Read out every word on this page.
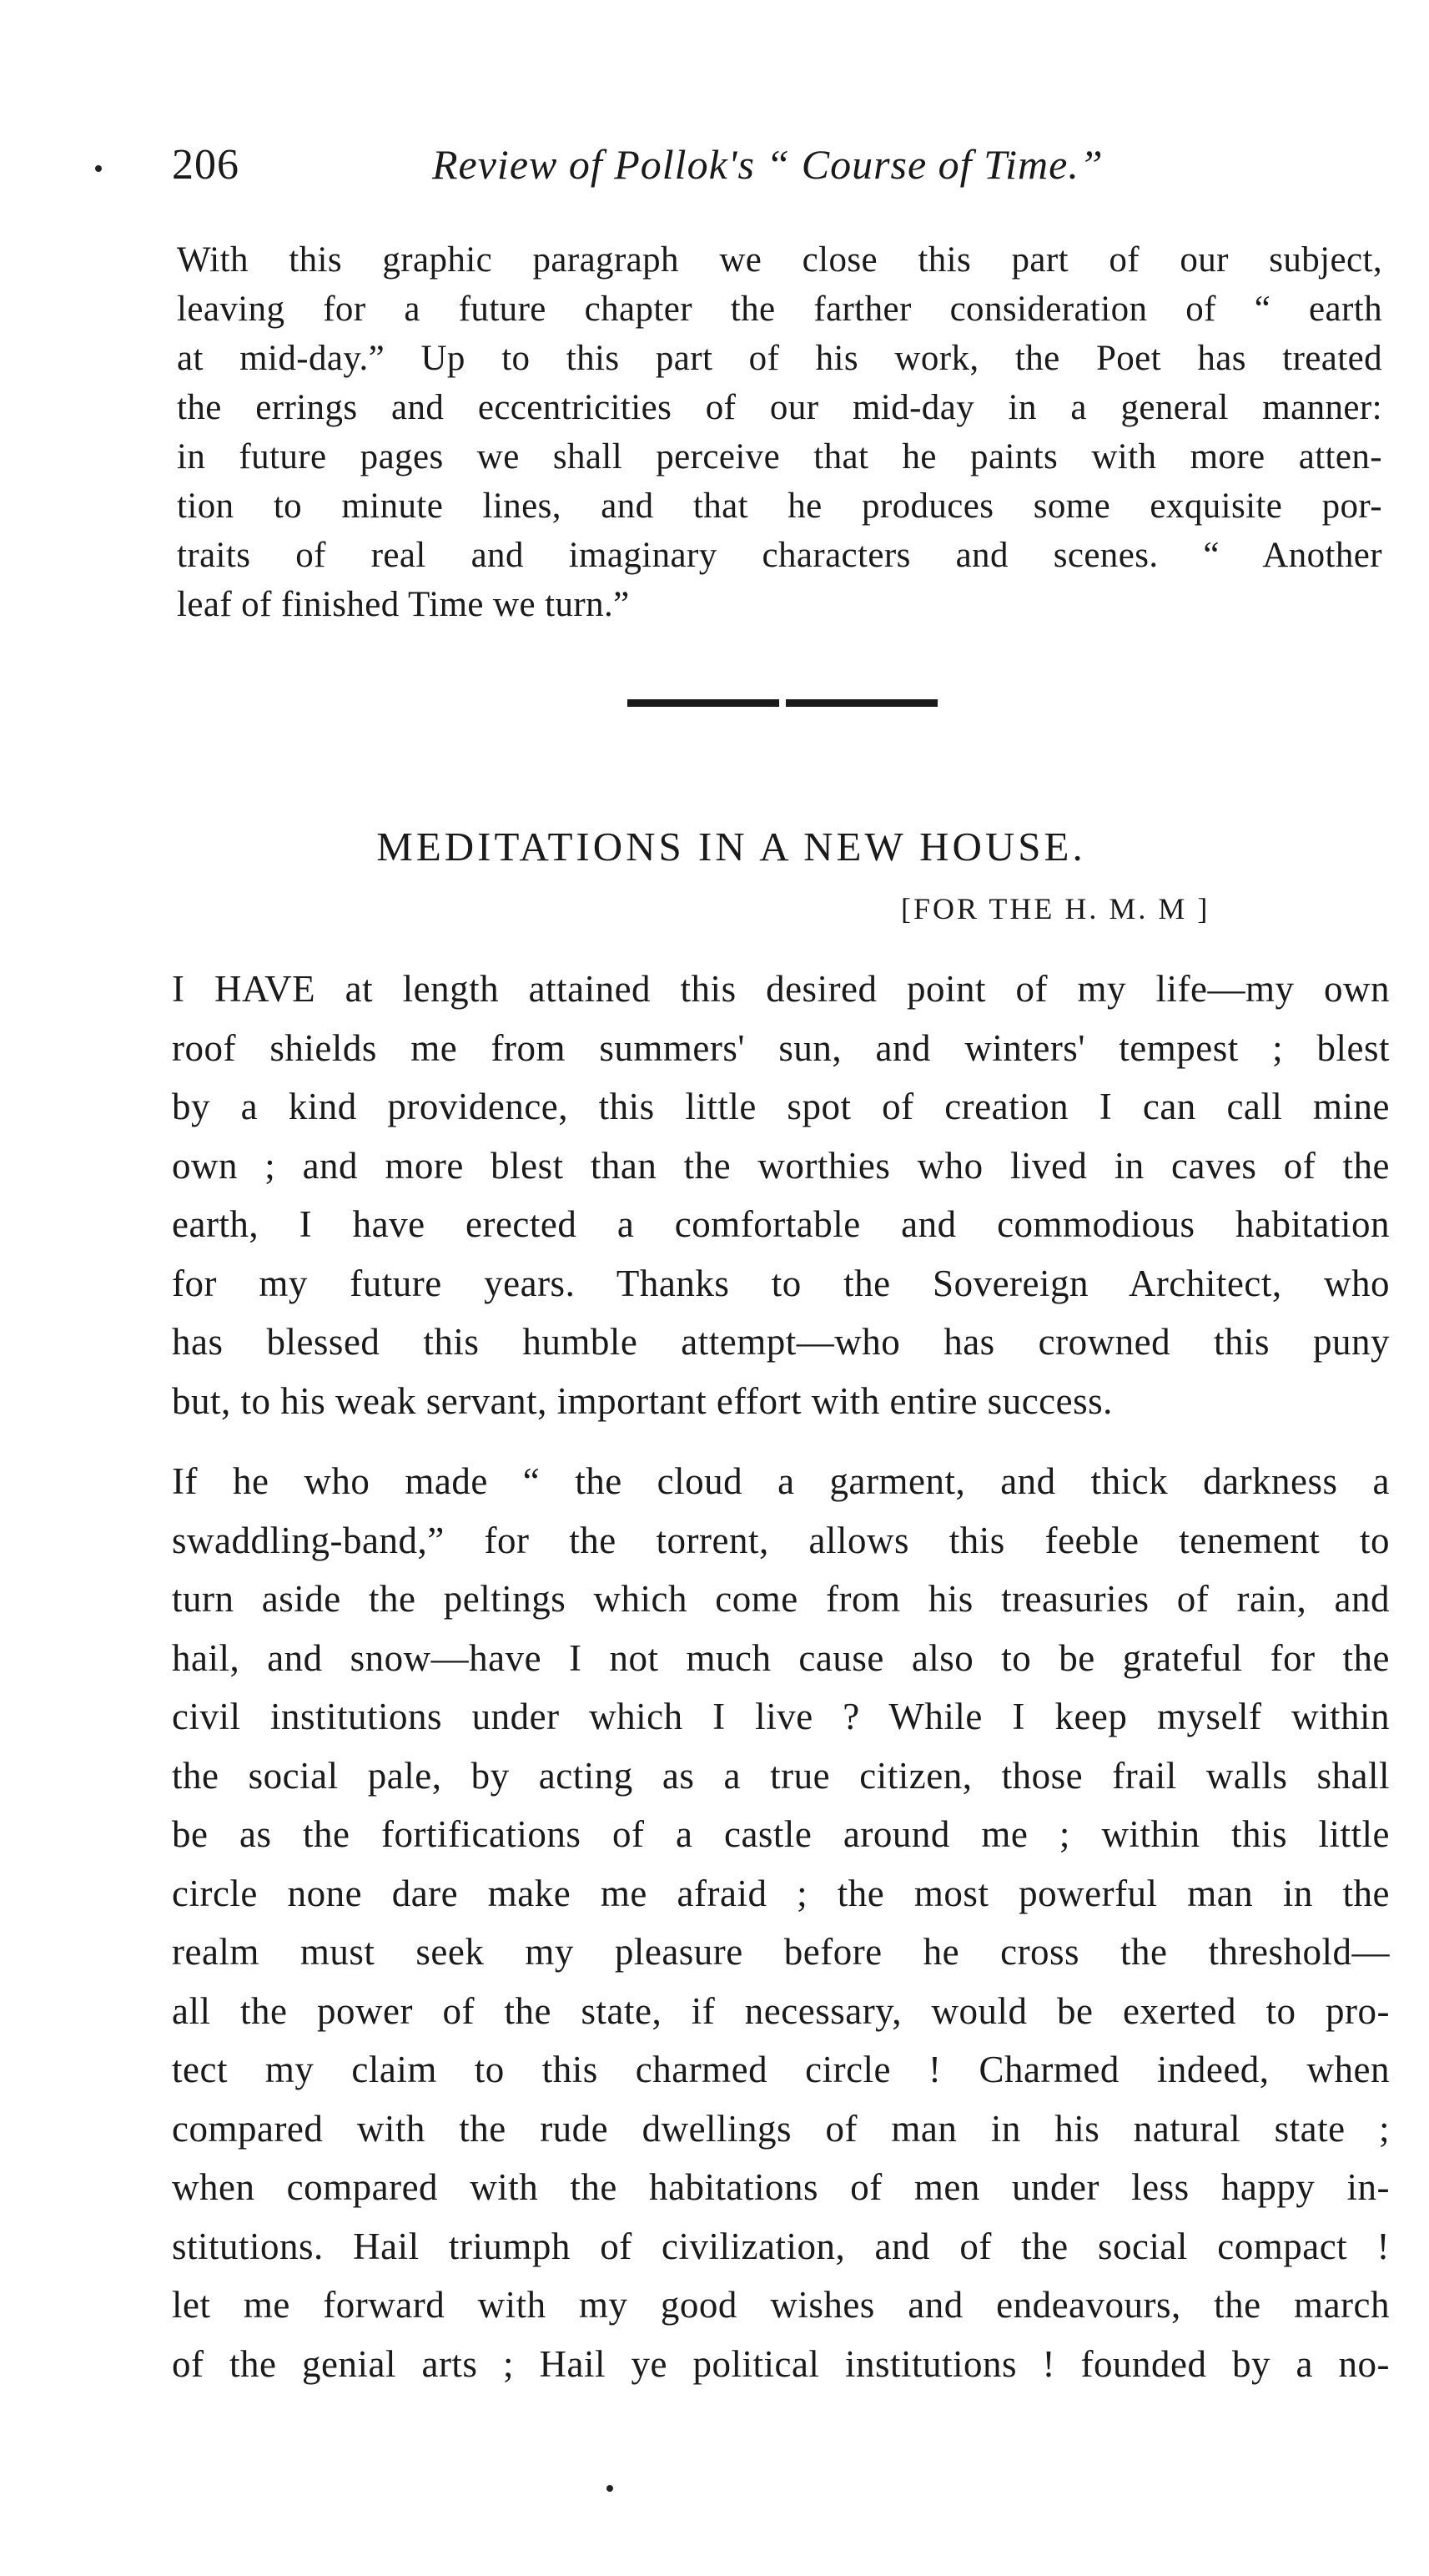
206	Review of Pollok's “ Course of Time.”
With this graphic paragraph we close this part of our subject,
leaving for a future chapter the farther consideration of “ earth
at mid-day.” Up to this part of his work, the Poet has treated
the errings and eccentricities of our mid-day in a general manner:
in future pages we shall perceive that he paints with more atten-
tion to minute lines, and that he produces some exquisite por-
traits of real and imaginary characters and scenes. “ Another
leaf of finished Time we turn.”
MEDITATIONS IN A NEW HOUSE.
[FOR THE H. M. M ]
I HAVE at length attained this desired point of my life—my own
roof shields me from summers' sun, and winters' tempest ; blest
by a kind providence, this little spot of creation I can call mine
own ; and more blest than the worthies who lived in caves of the
earth, I have erected a comfortable and commodious habitation
for my future years. Thanks to the Sovereign Architect, who
has blessed this humble attempt—who has crowned this puny
but, to his weak servant, important effort with entire success.
If he who made “ the cloud a garment, and thick darkness a
swaddling-band,” for the torrent, allows this feeble tenement to
turn aside the peltings which come from his treasuries of rain, and
hail, and snow—have I not much cause also to be grateful for the
civil institutions under which I live ? While I keep myself within
the social pale, by acting as a true citizen, those frail walls shall
be as the fortifications of a castle around me ; within this little
circle none dare make me afraid ; the most powerful man in the
realm must seek my pleasure before he cross the threshold—
all the power of the state, if necessary, would be exerted to pro-
tect my claim to this charmed circle ! Charmed indeed, when
compared with the rude dwellings of man in his natural state ;
when compared with the habitations of men under less happy in-
stitutions. Hail triumph of civilization, and of the social compact !
let me forward with my good wishes and endeavours, the march
of the genial arts ; Hail ye political institutions ! founded by a no-
